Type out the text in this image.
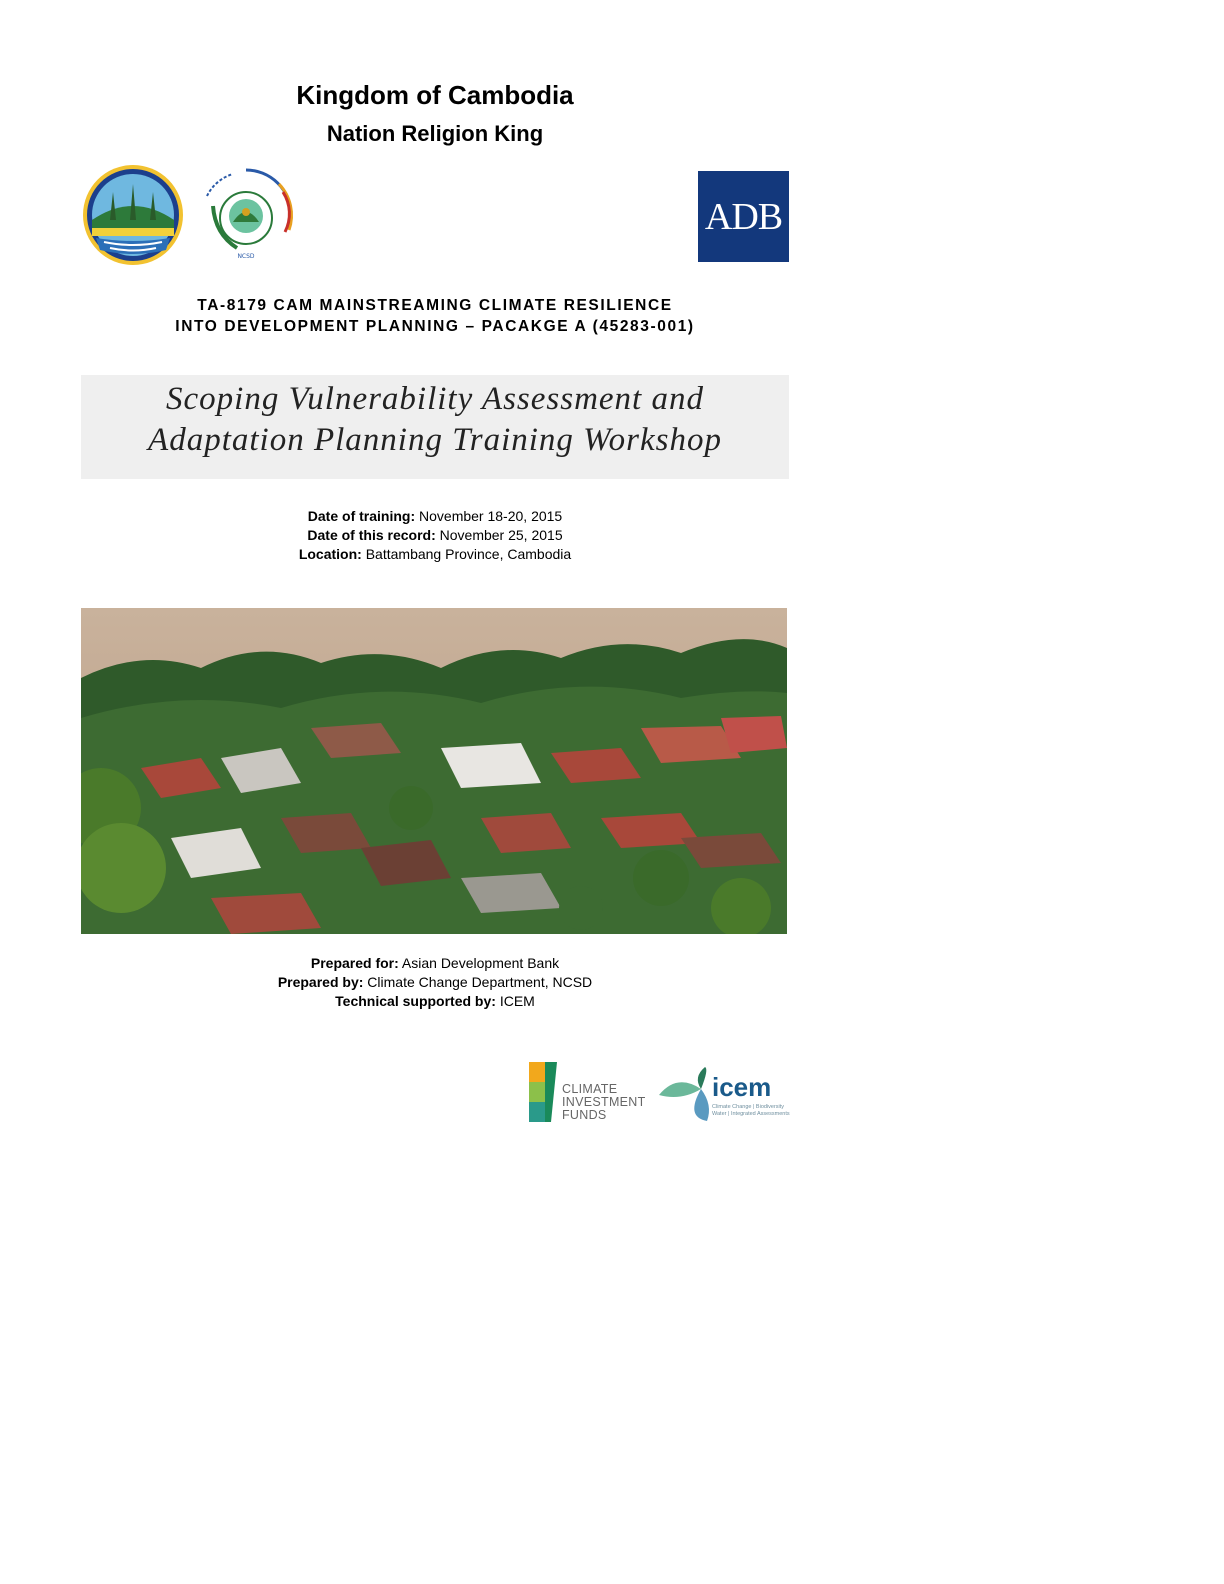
Kingdom of Cambodia
Nation Religion King
NCSD
ADB
TA-8179 CAM MAINSTREAMING CLIMATE RESILIENCE
INTO DEVELOPMENT PLANNING – PACAKGE A (45283-001)
Scoping Vulnerability Assessment and
Adaptation Planning Training Workshop
Date of training: November 18-20, 2015
Date of this record: November 25, 2015
Location: Battambang Province, Cambodia
Prepared for: Asian Development Bank
Prepared by: Climate Change Department, NCSD
Technical supported by: ICEM
CLIMATE
INVESTMENT
FUNDS
icem
Climate Change | Biodiversity
Water | Integrated Assessments
